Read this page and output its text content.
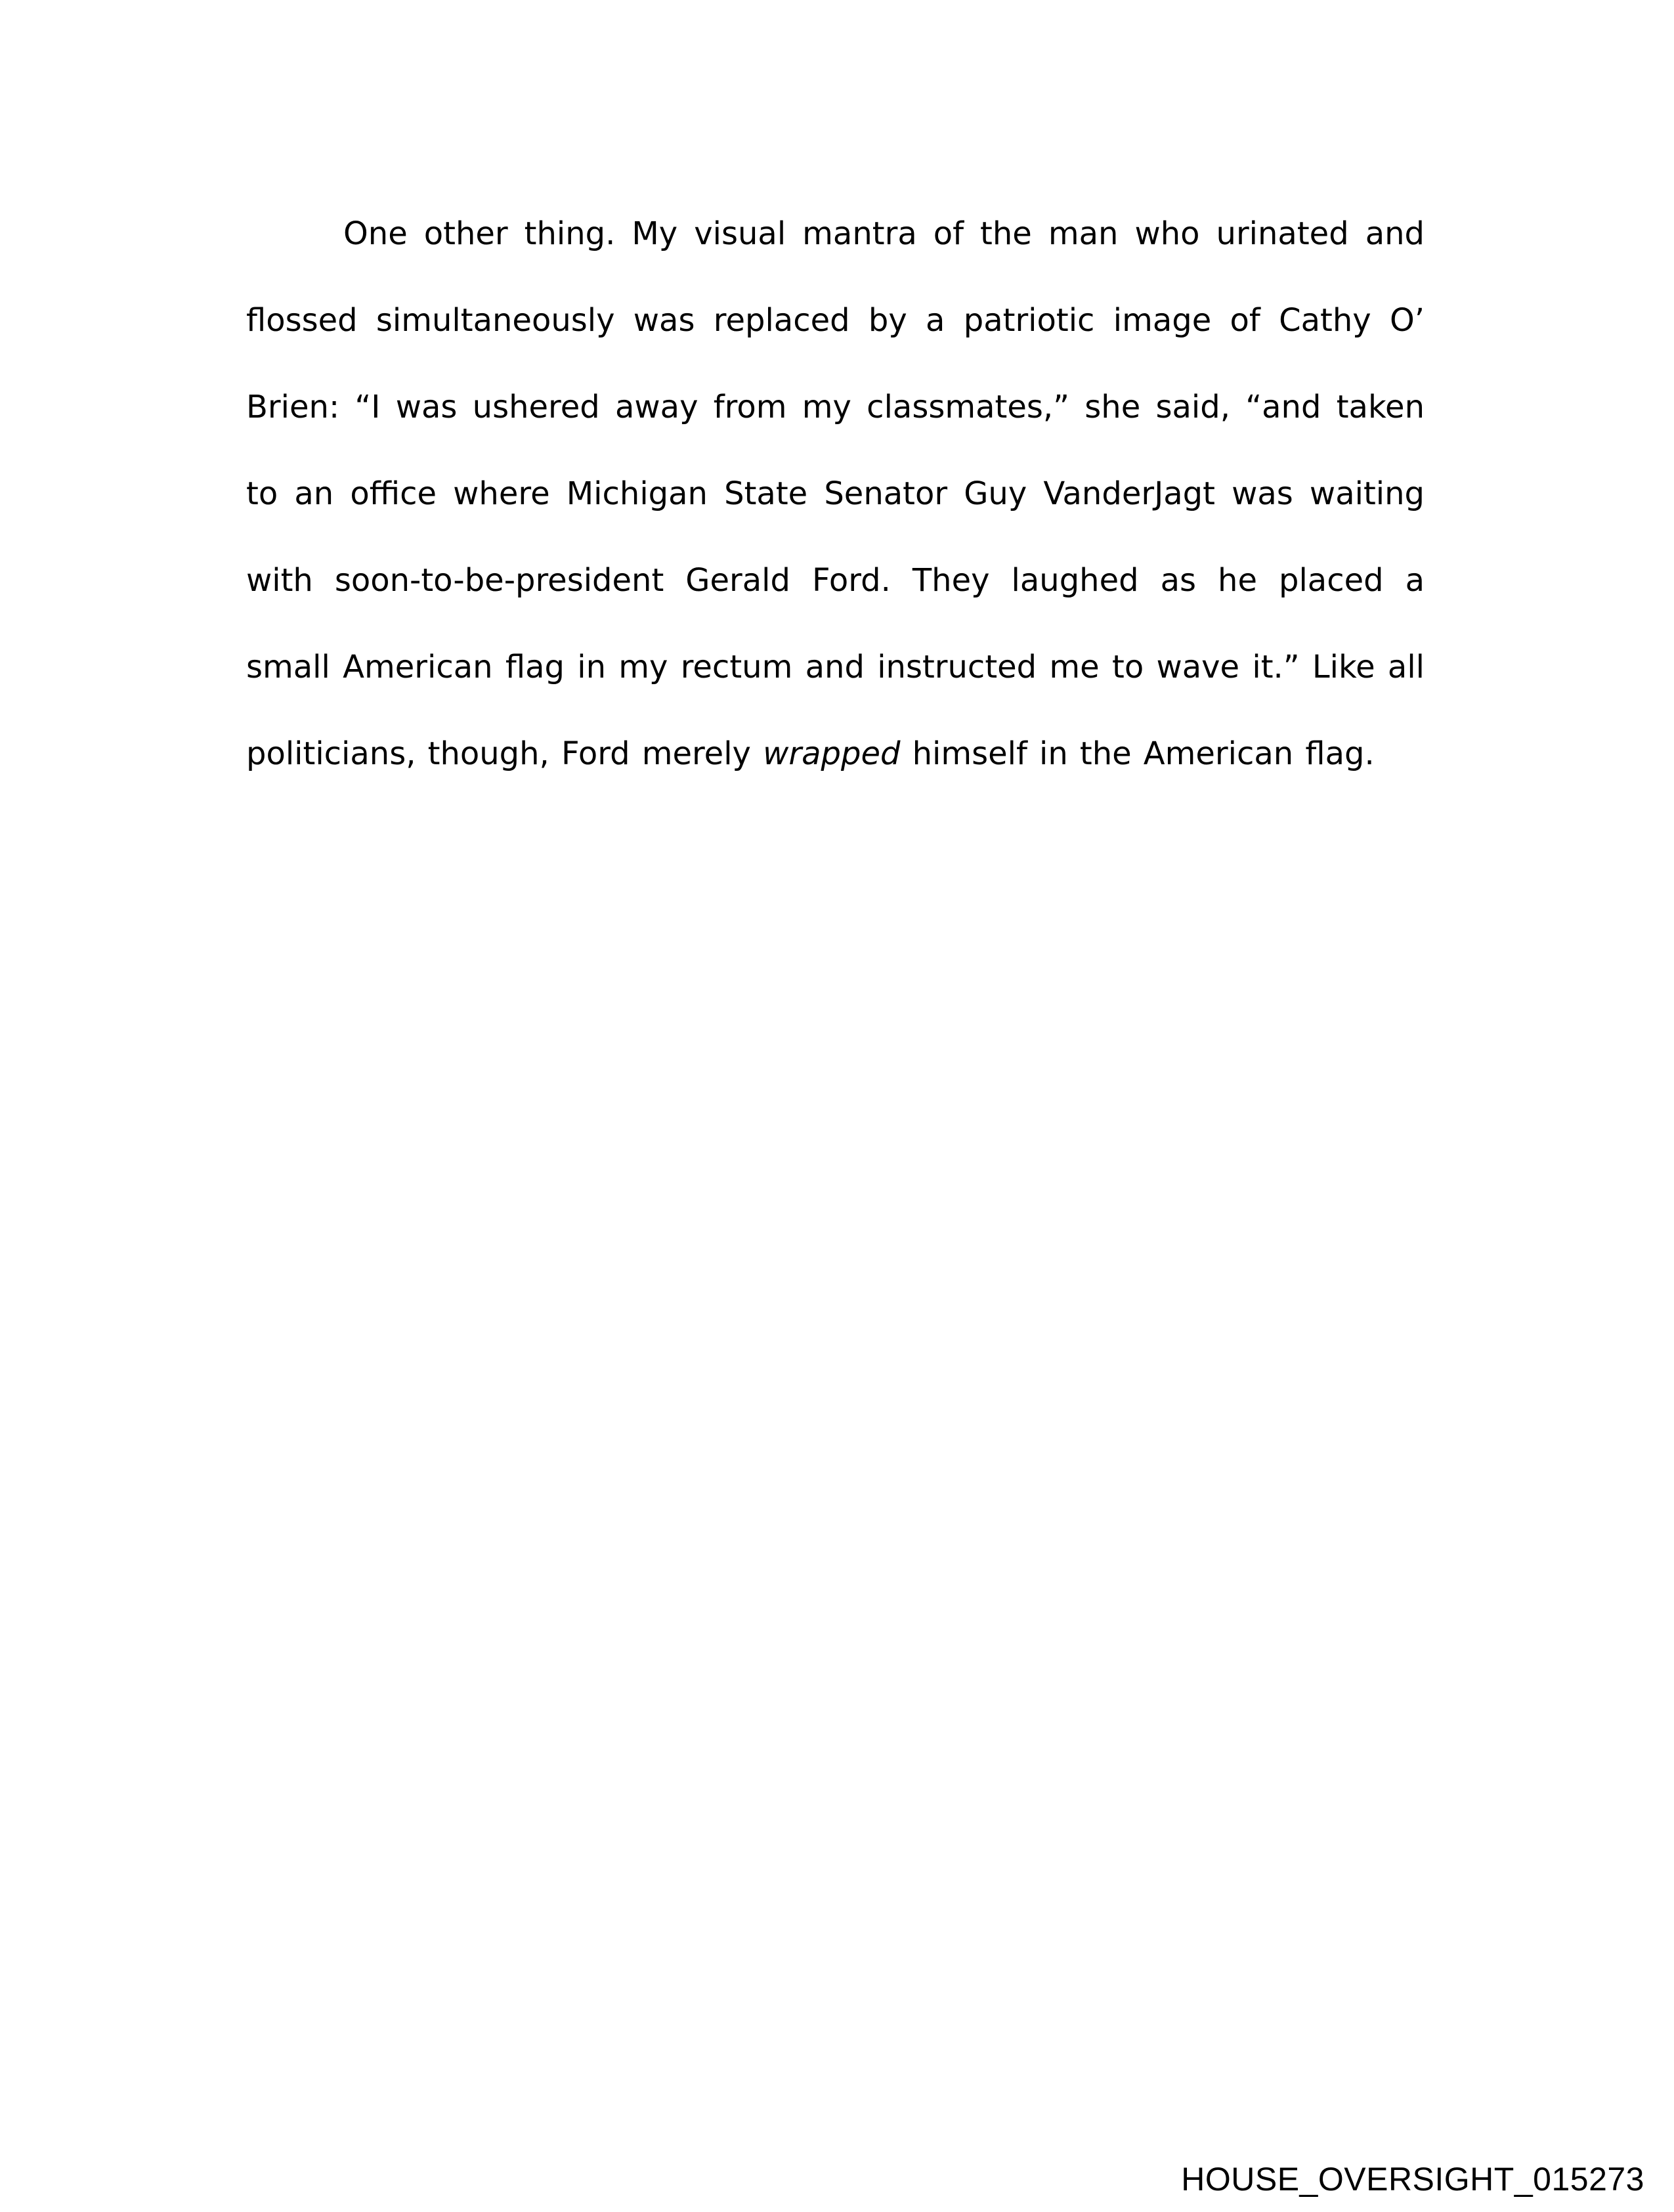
One other thing. My visual mantra of the man who urinated and flossed simultaneously was replaced by a patriotic image of Cathy O’ Brien: “I was ushered away from my classmates,” she said, “and taken to an office where Michigan State Senator Guy VanderJagt was waiting with soon-to-be-president Gerald Ford. They laughed as he placed a small American flag in my rectum and instructed me to wave it.” Like all politicians, though, Ford merely wrapped himself in the American flag.

HOUSE_OVERSIGHT_015273
